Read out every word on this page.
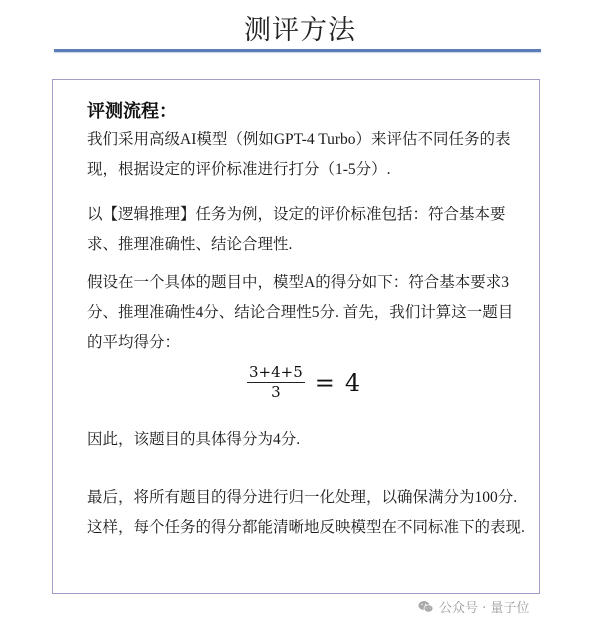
测评方法
评测流程：
我们采用高级AI模型（例如GPT-4 Turbo）来评估不同任务的表现，根据设定的评价标准进行打分（1-5分）.
以【逻辑推理】任务为例，设定的评价标准包括：符合基本要求、推理准确性、结论合理性.
假设在一个具体的题目中，模型A的得分如下：符合基本要求3分、推理准确性4分、结论合理性5分. 首先，我们计算这一题目的平均得分：
$\frac{3+4+5}{3} = 4$
因此，该题目的具体得分为4分.
最后，将所有题目的得分进行归一化处理，以确保满分为100分. 这样，每个任务的得分都能清晰地反映模型在不同标准下的表现.
公众号 · 量子位
